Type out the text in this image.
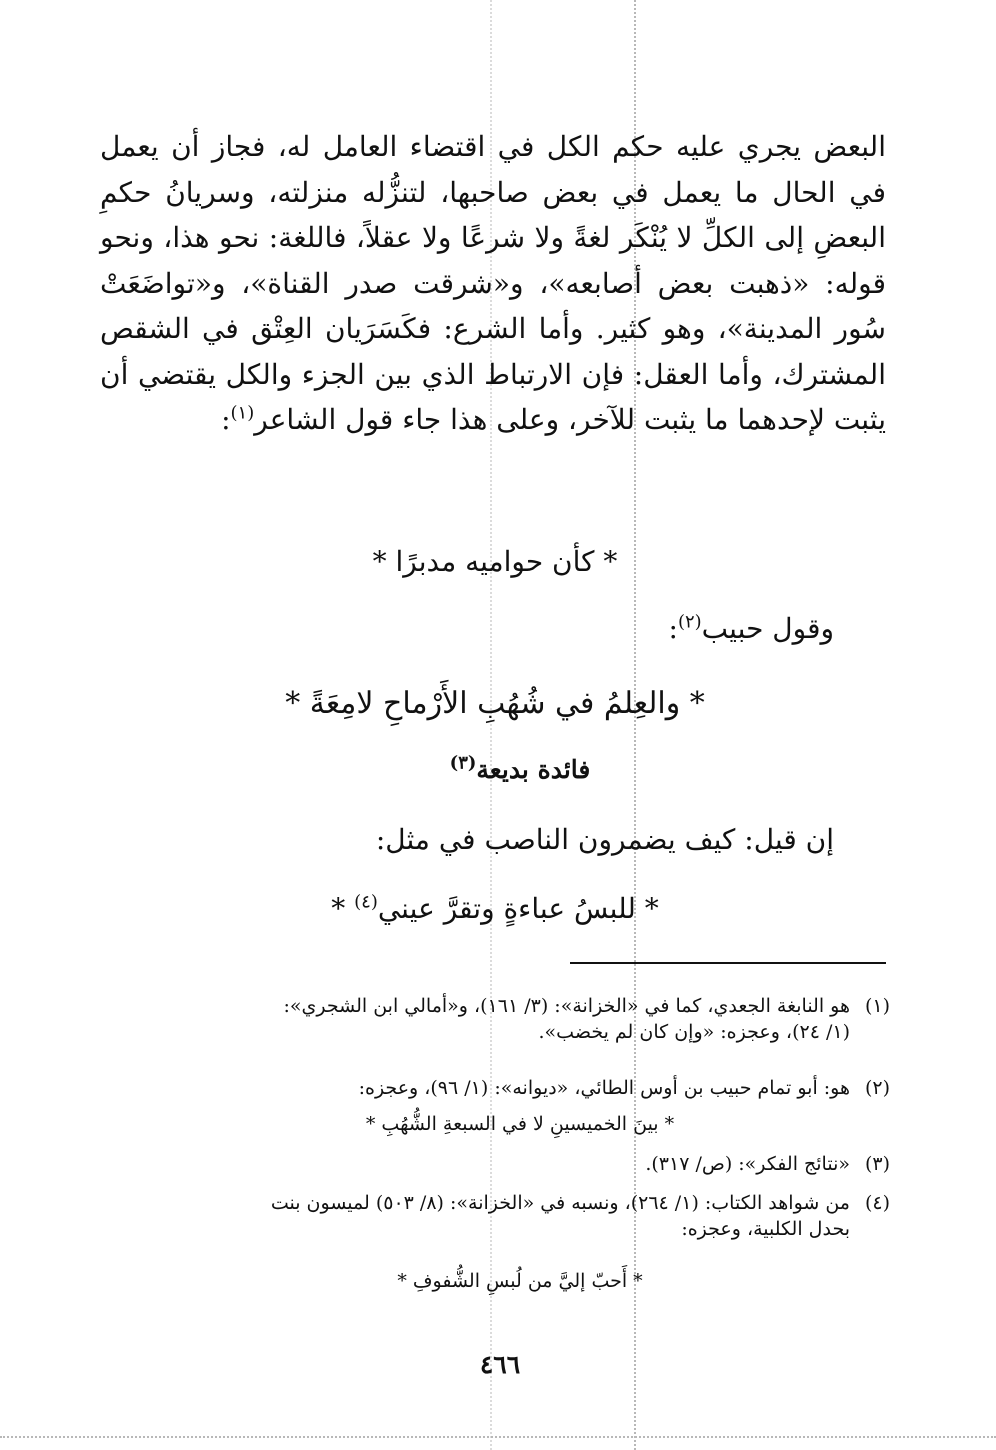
البعض يجري عليه حكم الكل في اقتضاء العامل له، فجاز أن يعمل في الحال ما يعمل في بعض صاحبها، لتنزُّله منزلته، وسريانُ حكمِ البعضِ إلى الكلِّ لا يُنْكَر لغةً ولا شرعًا ولا عقلاً، فاللغة: نحو هذا، ونحو قوله: «ذهبت بعض أصابعه»، و«شرقت صدر القناة»، و«تواضَعَتْ سُور المدينة»، وهو كثير. وأما الشرع: فكَسَرَيان العِتْق في الشقص المشترك، وأما العقل: فإن الارتباط الذي بين الجزء والكل يقتضي أن يثبت لإحدهما ما يثبت للآخر، وعلى هذا جاء قول الشاعر$^{(١)}$:

* كأن حواميه مدبرًا *
وقول حبيب$^{(٢)}$:
* والعِلمُ في شُهُبِ الأَرْماحِ لامِعَةً *
فائدة بديعة$^{(٣)}$
إن قيل: كيف يضمرون الناصب في مثل:
* للبسُ عباءةٍ وتقرَّ عيني$^{(٤)}$ *
(١)هو النابغة الجعدي، كما في «الخزانة»: (٣/ ١٦١)، و«أمالي ابن الشجري»:
(١/ ٢٤)، وعجزه: «وإن كان لم يخضب».
(٢)هو: أبو تمام حبيب بن أوس الطائي، «ديوانه»: (١/ ٩٦)، وعجزه:
* بينَ الخميسينِ لا في السبعةِ الشُّهُبِ *
(٣)«نتائج الفكر»: (ص/ ٣١٧).
(٤)من شواهد الكتاب: (١/ ٢٦٤)، ونسبه في «الخزانة»: (٨/ ٥٠٣) لميسون بنت
بحدل الكلبية، وعجزه:
* أَحبّ إليَّ من لُبسِ الشُّفوفِ *
٤٦٦
